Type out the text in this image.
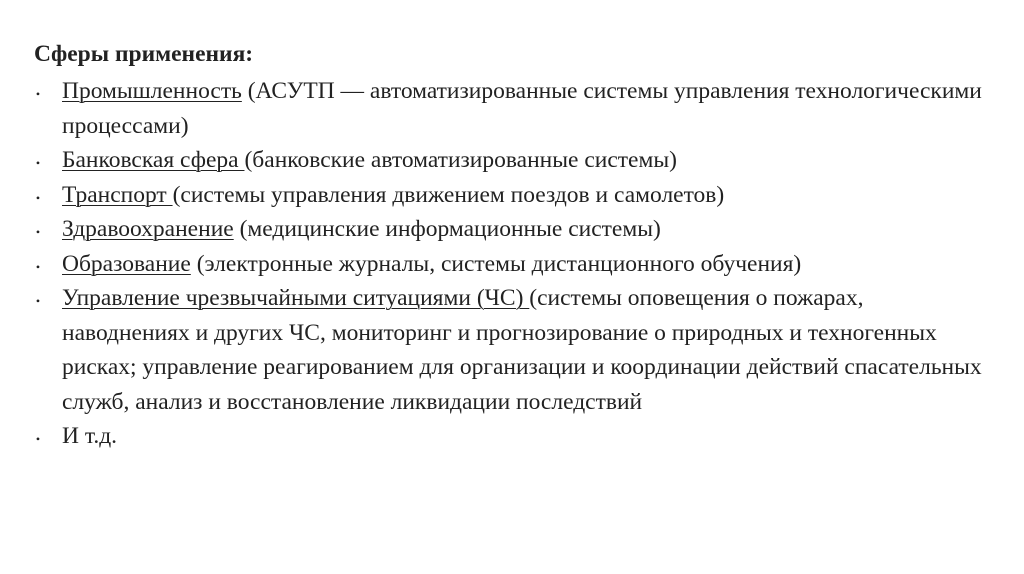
Сферы применения:
• Промышленность (АСУТП — автоматизированные системы управления технологическими процессами)
• Банковская сфера (банковские автоматизированные системы)
• Транспорт (системы управления движением поездов и самолетов)
• Здравоохранение (медицинские информационные системы)
• Образование (электронные журналы, системы дистанционного обучения)
• Управление чрезвычайными ситуациями (ЧС) (системы оповещения о пожарах, наводнениях и других ЧС, мониторинг и прогнозирование о природных и техногенных рисках; управление реагированием для организации и координации действий спасательных служб, анализ и восстановление ликвидации последствий
• И т.д.
